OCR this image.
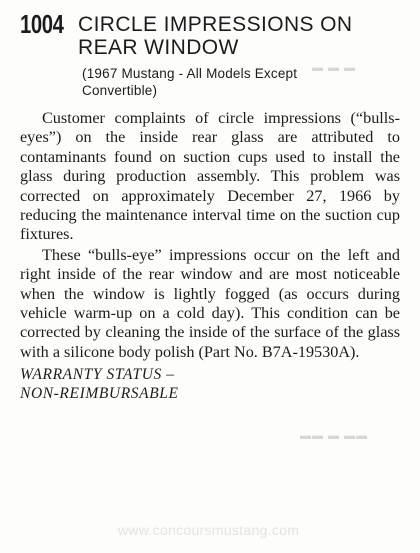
▬ ▬ ▬
▬▬ ▬ ▬▬
1004 CIRCLE IMPRESSIONS ON
REAR WINDOW
(1967 Mustang - All Models Except
Convertible)

Customer complaints of circle impressions (“bulls-eyes”) on the inside rear glass are attributed to contaminants found on suction cups used to install the glass during production assembly. This problem was corrected on approximately December 27, 1966 by reducing the maintenance interval time on the suction cup fixtures.

These “bulls-eye” impressions occur on the left and right inside of the rear window and are most noticeable when the window is lightly fogged (as occurs during vehicle warm-up on a cold day). This condition can be corrected by cleaning the inside of the surface of the glass with a silicone body polish (Part No. B7A-19530A).

WARRANTY STATUS –
NON-REIMBURSABLE
www.concoursmustang.com
